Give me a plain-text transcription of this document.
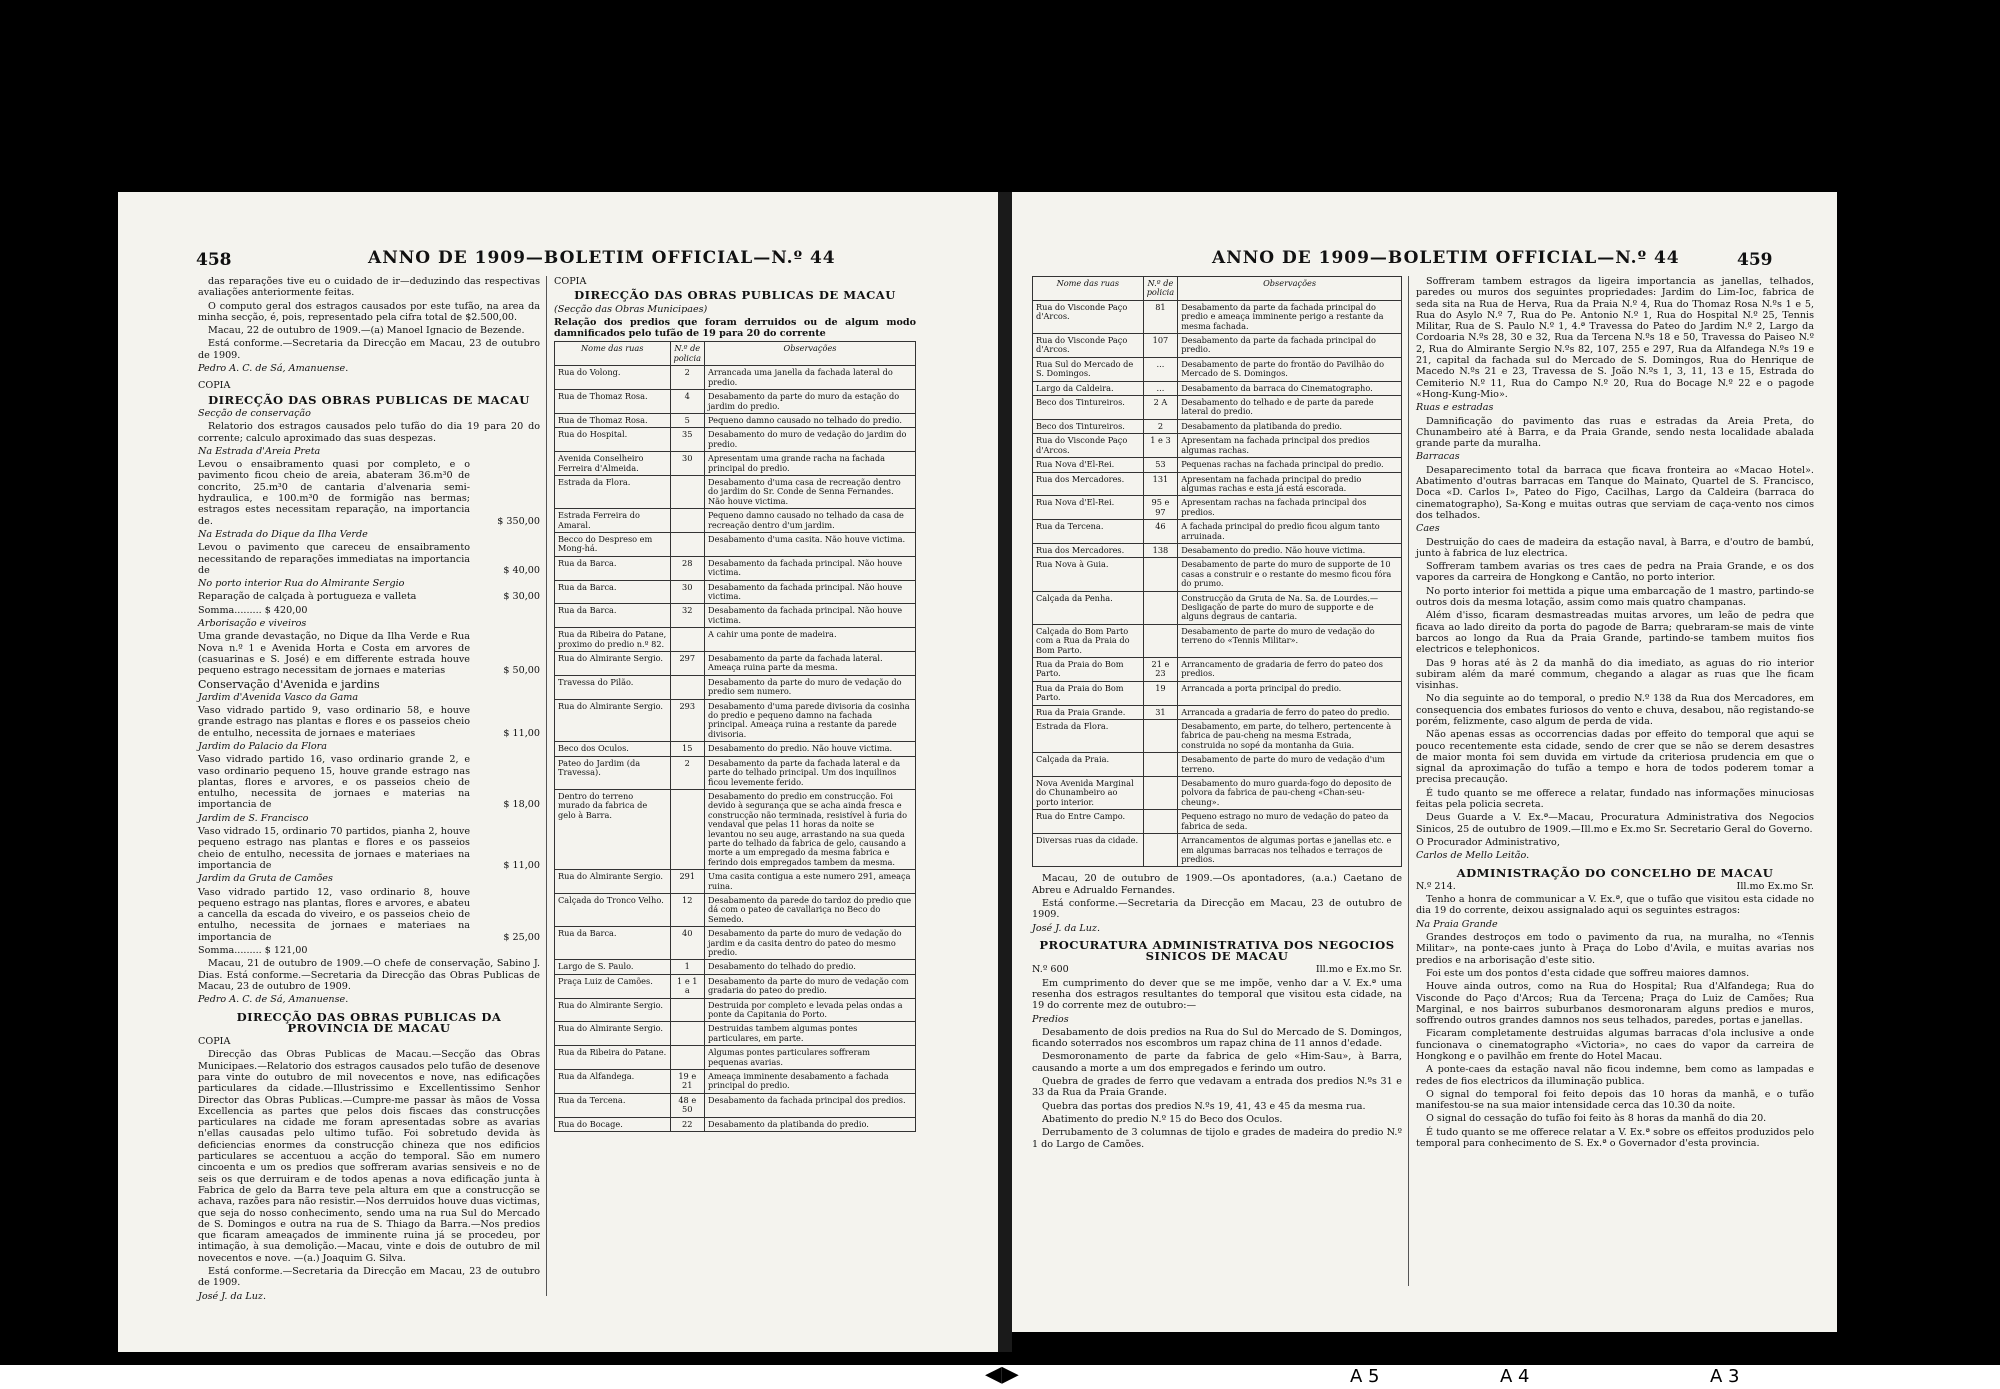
458	ANNO DE 1909—BOLETIM OFFICIAL—N.º 44

das reparações tive eu o cuidado de ir—deduzindo das respectivas avaliações anteriormente feitas.

O computo geral dos estragos causados por este tufão, na area da minha secção, é, pois, representado pela cifra total de $2.500,00.

Macau, 22 de outubro de 1909.—(a) Manoel Ignacio de Bezende.

Está conforme.—Secretaria da Direcção em Macau, 23 de outubro de 1909.

Pedro A. C. de Sá, Amanuense.

COPIA

DIRECÇÃO DAS OBRAS PUBLICAS DE MACAU

Secção de conservação

Relatorio dos estragos causados pelo tufão do dia 19 para 20 do corrente; calculo aproximado das suas despezas.

Na Estrada d'Areia Preta

Levou o ensaibramento quasi por completo, e o pavimento ficou cheio de areia, abateram 36.m³0 de concrito, 25.m³0 de cantaria d'alvenaria semi-hydraulica, e 100.m³0 de formigão nas bermas; estragos estes necessitam reparação, na importancia de.	$ 350,00

Na Estrada do Dique da Ilha Verde

Levou o pavimento que careceu de ensaibramento necessitando de reparações immediatas na importancia de	$ 40,00

No porto interior Rua do Almirante Sergio

Reparação de calçada à portugueza e valleta	$ 30,00

Somma......... $ 420,00

Arborisação e viveiros

Uma grande devastação, no Dique da Ilha Verde e Rua Nova n.º 1 e Avenida Horta e Costa em arvores de (casuarinas e S. José) e em differente estrada houve pequeno estrago necessitam de jornaes e materias	$ 50,00

Conservação d'Avenida e jardins

Jardim d'Avenida Vasco da Gama

Vaso vidrado partido 9, vaso ordinario 58, e houve grande estrago nas plantas e flores e os passeios cheio de entulho, necessita de jornaes e materiaes	$ 11,00

Jardim do Palacio da Flora

Vaso vidrado partido 16, vaso ordinario grande 2, e vaso ordinario pequeno 15, houve grande estrago nas plantas, flores e arvores, e os passeios cheio de entulho, necessita de jornaes e materias na importancia de	$ 18,00

Jardim de S. Francisco

Vaso vidrado 15, ordinario 70 partidos, pianha 2, houve pequeno estrago nas plantas e flores e os passeios cheio de entulho, necessita de jornaes e materiaes na importancia de	$ 11,00

Jardim da Gruta de Camões

Vaso vidrado partido 12, vaso ordinario 8, houve pequeno estrago nas plantas, flores e arvores, e abateu a cancella da escada do viveiro, e os passeios cheio de entulho, necessita de jornaes e materiaes na importancia de	$ 25,00

Somma......... $ 121,00

Macau, 21 de outubro de 1909.—O chefe de conservação, Sabino J. Dias. Está conforme.—Secretaria da Direcção das Obras Publicas de Macau, 23 de outubro de 1909.

Pedro A. C. de Sá, Amanuense.

DIRECÇÃO DAS OBRAS PUBLICAS DA PROVINCIA DE MACAU

COPIA

Direcção das Obras Publicas de Macau.—Secção das Obras Municipaes.—Relatorio dos estragos causados pelo tufão de desenove para vinte do outubro de mil novecentos e nove, nas edificações particulares da cidade.—Illustrissimo e Excellentissimo Senhor Director das Obras Publicas.—Cumpre-me passar às mãos de Vossa Excellencia as partes que pelos dois fiscaes das construcções particulares na cidade me foram apresentadas sobre as avarias n'ellas causadas pelo ultimo tufão. Foi sobretudo devida às deficiencias enormes da construcção chineza que nos edificios particulares se accentuou a acção do temporal. São em numero cincoenta e um os predios que soffreram avarias sensiveis e no de seis os que derruiram e de todos apenas a nova edificação junta à Fabrica de gelo da Barra teve pela altura em que a construcção se achava, razões para não resistir.—Nos derruidos houve duas victimas, que seja do nosso conhecimento, sendo uma na rua Sul do Mercado de S. Domingos e outra na rua de S. Thiago da Barra.—Nos predios que ficaram ameaçados de imminente ruina já se procedeu, por intimação, à sua demolição.—Macau, vinte e dois de outubro de mil novecentos e nove. —(a.) Joaquim G. Silva.

Está conforme.—Secretaria da Direcção em Macau, 23 de outubro de 1909.

José J. da Luz.

COPIA

DIRECÇÃO DAS OBRAS PUBLICAS DE MACAU

(Secção das Obras Municipaes)

Relação dos predios que foram derruidos ou de algum modo damnificados pelo tufão de 19 para 20 do corrente

Nome das ruas	N.º de policia	Observações
Rua do Volong.	2	Arrancada uma janella da fachada lateral do predio.
Rua de Thomaz Rosa.	4	Desabamento da parte do muro da estação do jardim do predio.
Rua de Thomaz Rosa.	5	Pequeno damno causado no telhado do predio.
Rua do Hospital.	35	Desabamento do muro de vedação do jardim do predio.
Avenida Conselheiro Ferreira d'Almeida.	30	Apresentam uma grande racha na fachada principal do predio.
Estrada da Flora.		Desabamento d'uma casa de recreação dentro do jardim do Sr. Conde de Senna Fernandes. Não houve victima.
Estrada Ferreira do Amaral.		Pequeno damno causado no telhado da casa de recreação dentro d'um jardim.
Becco do Despreso em Mong-há.		Desabamento d'uma casita. Não houve victima.
Rua da Barca.	28	Desabamento da fachada principal. Não houve victima.
Rua da Barca.	30	Desabamento da fachada principal. Não houve victima.
Rua da Barca.	32	Desabamento da fachada principal. Não houve victima.
Rua da Ribeira do Patane, proximo do predio n.º 82.		A cahir uma ponte de madeira.
Rua do Almirante Sergio.	297	Desabamento da parte da fachada lateral. Ameaça ruina parte da mesma.
Travessa do Pilão.		Desabamento da parte do muro de vedação do predio sem numero.
Rua do Almirante Sergio.	293	Desabamento d'uma parede divisoria da cosinha do predio e pequeno damno na fachada principal. Ameaça ruina a restante da parede divisoria.
Beco dos Oculos.	15	Desabamento do predio. Não houve victima.
Pateo do Jardim (da Travessa).	2	Desabamento da parte da fachada lateral e da parte do telhado principal. Um dos inquilinos ficou levemente ferido.
Dentro do terreno murado da fabrica de gelo à Barra.		Desabamento do predio em construcção. Foi devido à segurança que se acha ainda fresca e construcção não terminada, resistível à furia do vendaval que pelas 11 horas da noite se levantou no seu auge, arrastando na sua queda parte do telhado da fabrica de gelo, causando a morte a um empregado da mesma fabrica e ferindo dois empregados tambem da mesma.
Rua do Almirante Sergio.	291	Uma casita contigua a este numero 291, ameaça ruina.
Calçada do Tronco Velho.	12	Desabamento da parede do tardoz do predio que dá com o pateo de cavallariça no Beco do Semedo.
Rua da Barca.	40	Desabamento da parte do muro de vedação do jardim e da casita dentro do pateo do mesmo predio.
Largo de S. Paulo.	1	Desabamento do telhado do predio.
Praça Luiz de Camões.	1 e 1 a	Desabamento da parte do muro de vedação com gradaria do pateo do predio.
Rua do Almirante Sergio.		Destruida por completo e levada pelas ondas a ponte da Capitania do Porto.
Rua do Almirante Sergio.		Destruidas tambem algumas pontes particulares, em parte.
Rua da Ribeira do Patane.		Algumas pontes particulares soffreram pequenas avarias.
Rua da Alfandega.	19 e 21	Ameaça imminente desabamento a fachada principal do predio.
Rua da Tercena.	48 e 50	Desabamento da fachada principal dos predios.
Rua do Bocage.	22	Desabamento da platibanda do predio.
ANNO DE 1909—BOLETIM OFFICIAL—N.º 44	459
Nome das ruas	N.º de policia	Observações
Rua do Visconde Paço d'Arcos.	81	Desabamento da parte da fachada principal do predio e ameaça imminente perigo a restante da mesma fachada.
Rua do Visconde Paço d'Arcos.	107	Desabamento da parte da fachada principal do predio.
Rua Sul do Mercado de S. Domingos.	...	Desabamento de parte do frontão do Pavilhão do Mercado de S. Domingos.
Largo da Caldeira.	...	Desabamento da barraca do Cinematographo.
Beco dos Tintureiros.	2 A	Desabamento do telhado e de parte da parede lateral do predio.
Beco dos Tintureiros.	2	Desabamento da platibanda do predio.
Rua do Visconde Paço d'Arcos.	1 e 3	Apresentam na fachada principal dos predios algumas rachas.
Rua Nova d'El-Rei.	53	Pequenas rachas na fachada principal do predio.
Rua dos Mercadores.	131	Apresentam na fachada principal do predio algumas rachas e esta já está escorada.
Rua Nova d'El-Rei.	95 e 97	Apresentam rachas na fachada principal dos predios.
Rua da Tercena.	46	A fachada principal do predio ficou algum tanto arruinada.
Rua dos Mercadores.	138	Desabamento do predio. Não houve victima.
Rua Nova à Guia.		Desabamento de parte do muro de supporte de 10 casas a construir e o restante do mesmo ficou fóra do prumo.
Calçada da Penha.		Construcção da Gruta de Na. Sa. de Lourdes.—Desligação de parte do muro de supporte e de alguns degraus de cantaria.
Calçada do Bom Parto com a Rua da Praia do Bom Parto.		Desabamento de parte do muro de vedação do terreno do «Tennis Militar».
Rua da Praia do Bom Parto.	21 e 23	Arrancamento de gradaria de ferro do pateo dos predios.
Rua da Praia do Bom Parto.	19	Arrancada a porta principal do predio.
Rua da Praia Grande.	31	Arrancada a gradaria de ferro do pateo do predio.
Estrada da Flora.		Desabamento, em parte, do telhero, pertencente à fabrica de pau-cheng na mesma Estrada, construida no sopé da montanha da Guia.
Calçada da Praia.		Desabamento de parte do muro de vedação d'um terreno.
Nova Avenida Marginal do Chunambeiro ao porto interior.		Desabamento do muro guarda-fogo do deposito de polvora da fabrica de pau-cheng «Chan-seu-cheung».
Rua do Entre Campo.		Pequeno estrago no muro de vedação do pateo da fabrica de seda.
Diversas ruas da cidade.		Arrancamentos de algumas portas e janellas etc. e em algumas barracas nos telhados e terraços de predios.

Macau, 20 de outubro de 1909.—Os apontadores, (a.a.) Caetano de Abreu e Adrualdo Fernandes.

Está conforme.—Secretaria da Direcção em Macau, 23 de outubro de 1909.

José J. da Luz.

PROCURATURA ADMINISTRATIVA DOS NEGOCIOS SINICOS DE MACAU
N.º 600	Ill.mo e Ex.mo Sr.

Em cumprimento do dever que se me impõe, venho dar a V. Ex.ª uma resenha dos estragos resultantes do temporal que visitou esta cidade, na 19 do corrente mez de outubro:—

Predios

Desabamento de dois predios na Rua do Sul do Mercado de S. Domingos, ficando soterrados nos escombros um rapaz china de 11 annos d'edade.

Desmoronamento de parte da fabrica de gelo «Him-Sau», à Barra, causando a morte a um dos empregados e ferindo um outro.

Quebra de grades de ferro que vedavam a entrada dos predios N.ºs 31 e 33 da Rua da Praia Grande.

Quebra das portas dos predios N.ºs 19, 41, 43 e 45 da mesma rua.

Abatimento do predio N.º 15 do Beco dos Oculos.

Derrubamento de 3 columnas de tijolo e grades de madeira do predio N.º 1 do Largo de Camões.

Soffreram tambem estragos da ligeira importancia as janellas, telhados, paredes ou muros dos seguintes propriedades: Jardim do Lim-Ioc, fabrica de seda sita na Rua de Herva, Rua da Praia N.º 4, Rua do Thomaz Rosa N.ºs 1 e 5, Rua do Asylo N.º 7, Rua do Pe. Antonio N.º 1, Rua do Hospital N.º 25, Tennis Militar, Rua de S. Paulo N.º 1, 4.ª Travessa do Pateo do Jardim N.º 2, Largo da Cordoaria N.ºs 28, 30 e 32, Rua da Tercena N.ºs 18 e 50, Travessa do Paiseo N.º 2, Rua do Almirante Sergio N.ºs 82, 107, 255 e 297, Rua da Alfandega N.ºs 19 e 21, capital da fachada sul do Mercado de S. Domingos, Rua do Henrique de Macedo N.ºs 21 e 23, Travessa de S. João N.ºs 1, 3, 11, 13 e 15, Estrada do Cemiterio N.º 11, Rua do Campo N.º 20, Rua do Bocage N.º 22 e o pagode «Hong-Kung-Mio».

Ruas e estradas

Damnificação do pavimento das ruas e estradas da Areia Preta, do Chunambeiro até à Barra, e da Praia Grande, sendo nesta localidade abalada grande parte da muralha.

Barracas

Desaparecimento total da barraca que ficava fronteira ao «Macao Hotel». Abatimento d'outras barracas em Tanque do Mainato, Quartel de S. Francisco, Doca «D. Carlos I», Pateo do Figo, Cacilhas, Largo da Caldeira (barraca do cinematographo), Sa-Kong e muitas outras que serviam de caça-vento nos cimos dos telhados.

Caes

Destruição do caes de madeira da estação naval, à Barra, e d'outro de bambú, junto à fabrica de luz electrica.

Soffreram tambem avarias os tres caes de pedra na Praia Grande, e os dos vapores da carreira de Hongkong e Cantão, no porto interior.

No porto interior foi mettida a pique uma embarcação de 1 mastro, partindo-se outros dois da mesma lotação, assim como mais quatro champanas.

Além d'isso, ficaram desmastreadas muitas arvores, um leão de pedra que ficava ao lado direito da porta do pagode de Barra; quebraram-se mais de vinte barcos ao longo da Rua da Praia Grande, partindo-se tambem muitos fios electricos e telephonicos.

Das 9 horas até às 2 da manhã do dia imediato, as aguas do rio interior subiram além da maré commum, chegando a alagar as ruas que lhe ficam visinhas.

No dia seguinte ao do temporal, o predio N.º 138 da Rua dos Mercadores, em consequencia dos embates furiosos do vento e chuva, desabou, não registando-se porém, felizmente, caso algum de perda de vida.

Não apenas essas as occorrencias dadas por effeito do temporal que aqui se pouco recentemente esta cidade, sendo de crer que se não se derem desastres de maior monta foi sem duvida em virtude da criteriosa prudencia em que o signal da aproximação do tufão a tempo e hora de todos poderem tomar a precisa precaução.

É tudo quanto se me offerece a relatar, fundado nas informações minuciosas feitas pela policia secreta.

Deus Guarde a V. Ex.ª—Macau, Procuratura Administrativa dos Negocios Sinicos, 25 de outubro de 1909.—Ill.mo e Ex.mo Sr. Secretario Geral do Governo.

O Procurador Administrativo,

Carlos de Mello Leitão.

ADMINISTRAÇÃO DO CONCELHO DE MACAU
N.º 214.	Ill.mo Ex.mo Sr.

Tenho a honra de communicar a V. Ex.ª, que o tufão que visitou esta cidade no dia 19 do corrente, deixou assignalado aqui os seguintes estragos:

Na Praia Grande

Grandes destroços em todo o pavimento da rua, na muralha, no «Tennis Militar», na ponte-caes junto à Praça do Lobo d'Avila, e muitas avarias nos predios e na arborisação d'este sitio.

Foi este um dos pontos d'esta cidade que soffreu maiores damnos.

Houve ainda outros, como na Rua do Hospital; Rua d'Alfandega; Rua do Visconde do Paço d'Arcos; Rua da Tercena; Praça do Luiz de Camões; Rua Marginal, e nos bairros suburbanos desmoronaram alguns predios e muros, soffrendo outros grandes damnos nos seus telhados, paredes, portas e janellas.

Ficaram completamente destruidas algumas barracas d'ola inclusive a onde funcionava o cinematographo «Victoria», no caes do vapor da carreira de Hongkong e o pavilhão em frente do Hotel Macau.

A ponte-caes da estação naval não ficou indemne, bem como as lampadas e redes de fios electricos da illuminação publica.

O signal do temporal foi feito depois das 10 horas da manhã, e o tufão manifestou-se na sua maior intensidade cerca das 10.30 da noite.

O signal do cessação do tufão foi feito às 8 horas da manhã do dia 20.

É tudo quanto se me offerece relatar a V. Ex.ª sobre os effeitos produzidos pelo temporal para conhecimento de S. Ex.ª o Governador d'esta provincia.

A 5	A 4	A 3
◀▶
